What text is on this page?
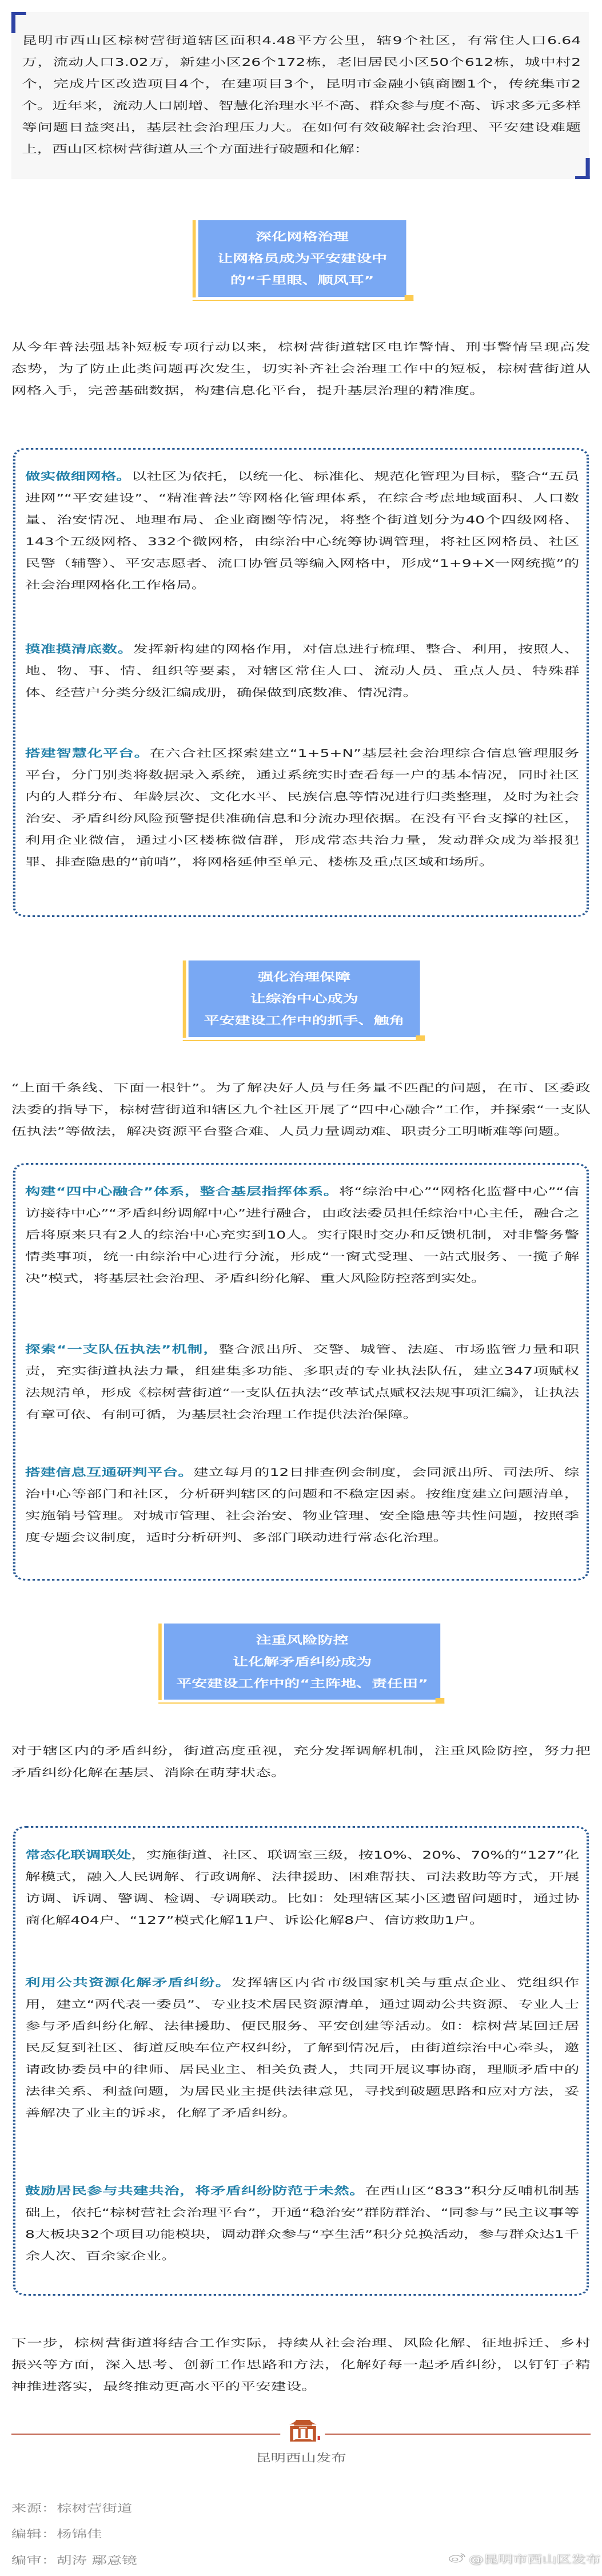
昆明市西山区棕树营街道辖区面积4.48平方公里，辖9个社区，有常住人口6.64万，流动人口3.02万，新建小区26个172栋，老旧居民小区50个612栋，城中村2个，完成片区改造项目4个，在建项目3个，昆明市金融小镇商圈1个，传统集市2个。近年来，流动人口剧增、智慧化治理水平不高、群众参与度不高、诉求多元多样等问题日益突出，基层社会治理压力大。在如何有效破解社会治理、平安建设难题上，西山区棕树营街道从三个方面进行破题和化解：

深化网格治理
让网格员成为平安建设中
的“千里眼、顺风耳”

从今年普法强基补短板专项行动以来，棕树营街道辖区电诈警情、刑事警情呈现高发态势，为了防止此类问题再次发生，切实补齐社会治理工作中的短板，棕树营街道从网格入手，完善基础数据，构建信息化平台，提升基层治理的精准度。

做实做细网格。以社区为依托，以统一化、标准化、规范化管理为目标，整合“五员进网”“平安建设”、“精准普法”等网格化管理体系，在综合考虑地域面积、人口数量、治安情况、地理布局、企业商圈等情况，将整个街道划分为40个四级网格、143个五级网格、332个微网格，由综治中心统筹协调管理，将社区网格员、社区民警（辅警）、平安志愿者、流口协管员等编入网格中，形成“1+9+X一网统揽”的社会治理网格化工作格局。

摸准摸清底数。发挥新构建的网格作用，对信息进行梳理、整合、利用，按照人、地、物、事、情、组织等要素，对辖区常住人口、流动人员、重点人员、特殊群体、经营户分类分级汇编成册，确保做到底数准、情况清。

搭建智慧化平台。在六合社区探索建立“1+5+N”基层社会治理综合信息管理服务平台，分门别类将数据录入系统，通过系统实时查看每一户的基本情况，同时社区内的人群分布、年龄层次、文化水平、民族信息等情况进行归类整理，及时为社会治安、矛盾纠纷风险预警提供准确信息和分流办理依据。在没有平台支撑的社区，利用企业微信，通过小区楼栋微信群，形成常态共治力量，发动群众成为举报犯罪、排查隐患的“前哨”，将网格延伸至单元、楼栋及重点区域和场所。

强化治理保障
让综治中心成为
平安建设工作中的抓手、触角

“上面千条线、下面一根针”。为了解决好人员与任务量不匹配的问题，在市、区委政法委的指导下，棕树营街道和辖区九个社区开展了“四中心融合”工作，并探索“一支队伍执法”等做法，解决资源平台整合难、人员力量调动难、职责分工明晰难等问题。

构建“四中心融合”体系，整合基层指挥体系。将“综治中心”“网格化监督中心”“信访接待中心”“矛盾纠纷调解中心”进行融合，由政法委员担任综治中心主任，融合之后将原来只有2人的综治中心充实到10人。实行限时交办和反馈机制，对非警务警情类事项，统一由综治中心进行分流，形成“一窗式受理、一站式服务、一揽子解决”模式，将基层社会治理、矛盾纠纷化解、重大风险防控落到实处。

探索“一支队伍执法”机制，整合派出所、交警、城管、法庭、市场监管力量和职责，充实街道执法力量，组建集多功能、多职责的专业执法队伍，建立347项赋权法规清单，形成《棕树营街道“一支队伍执法“改革试点赋权法规事项汇编》，让执法有章可依、有制可循，为基层社会治理工作提供法治保障。

搭建信息互通研判平台。建立每月的12日排查例会制度，会同派出所、司法所、综治中心等部门和社区，分析研判辖区的问题和不稳定因素。按维度建立问题清单，实施销号管理。对城市管理、社会治安、物业管理、安全隐患等共性问题，按照季度专题会议制度，适时分析研判、多部门联动进行常态化治理。

注重风险防控
让化解矛盾纠纷成为
平安建设工作中的“主阵地、责任田”

对于辖区内的矛盾纠纷，街道高度重视，充分发挥调解机制，注重风险防控，努力把矛盾纠纷化解在基层、消除在萌芽状态。

常态化联调联处，实施街道、社区、联调室三级，按10%、20%、70%的“127”化解模式，融入人民调解、行政调解、法律援助、困难帮扶、司法救助等方式，开展访调、诉调、警调、检调、专调联动。比如：处理辖区某小区遗留问题时，通过协商化解404户、“127”模式化解11户、诉讼化解8户、信访救助1户。

利用公共资源化解矛盾纠纷。发挥辖区内省市级国家机关与重点企业、党组织作用，建立“两代表一委员”、专业技术居民资源清单，通过调动公共资源、专业人士参与矛盾纠纷化解、法律援助、便民服务、平安创建等活动。如：棕树营某回迁居民反复到社区、街道反映车位产权纠纷，了解到情况后，由街道综治中心牵头，邀请政协委员中的律师、居民业主、相关负责人，共同开展议事协商，理顺矛盾中的法律关系、利益问题，为居民业主提供法律意见，寻找到破题思路和应对方法，妥善解决了业主的诉求，化解了矛盾纠纷。

鼓励居民参与共建共治，将矛盾纠纷防范于未然。在西山区“833”积分反哺机制基础上，依托“棕树营社会治理平台”，开通“稳治安”群防群治、“同参与”民主议事等8大板块32个项目功能模块，调动群众参与“享生活”积分兑换活动，参与群众达1千余人次、百余家企业。

下一步，棕树营街道将结合工作实际，持续从社会治理、风险化解、征地拆迁、乡村振兴等方面，深入思考、创新工作思路和方法，化解好每一起矛盾纠纷，以钉钉子精神推进落实，最终推动更高水平的平安建设。

昆明西山发布
来源：棕树营街道
编辑：杨锦佳
编审：胡涛 鄢意镜	@昆明市西山区发布
